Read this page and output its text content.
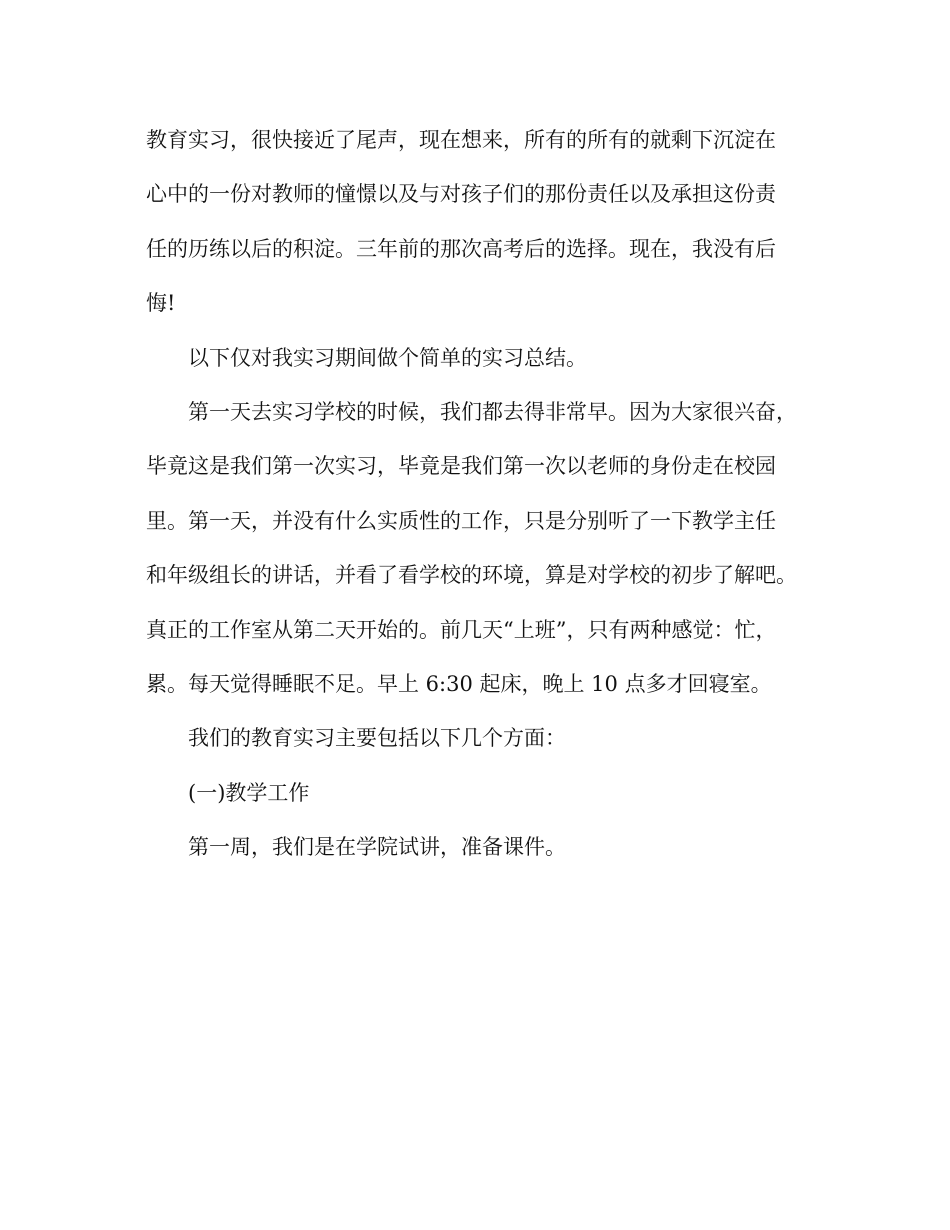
教育实习，很快接近了尾声，现在想来，所有的所有的就剩下沉淀在
心中的一份对教师的憧憬以及与对孩子们的那份责任以及承担这份责
任的历练以后的积淀。三年前的那次高考后的选择。现在，我没有后
悔!

以下仅对我实习期间做个简单的实习总结。

第一天去实习学校的时候，我们都去得非常早。因为大家很兴奋，
毕竟这是我们第一次实习，毕竟是我们第一次以老师的身份走在校园
里。第一天，并没有什么实质性的工作，只是分别听了一下教学主任
和年级组长的讲话，并看了看学校的环境，算是对学校的初步了解吧。
真正的工作室从第二天开始的。前几天“上班”，只有两种感觉：忙，
累。每天觉得睡眠不足。早上 6:30 起床，晚上 10 点多才回寝室。

我们的教育实习主要包括以下几个方面：

(一)教学工作

第一周，我们是在学院试讲，准备课件。
